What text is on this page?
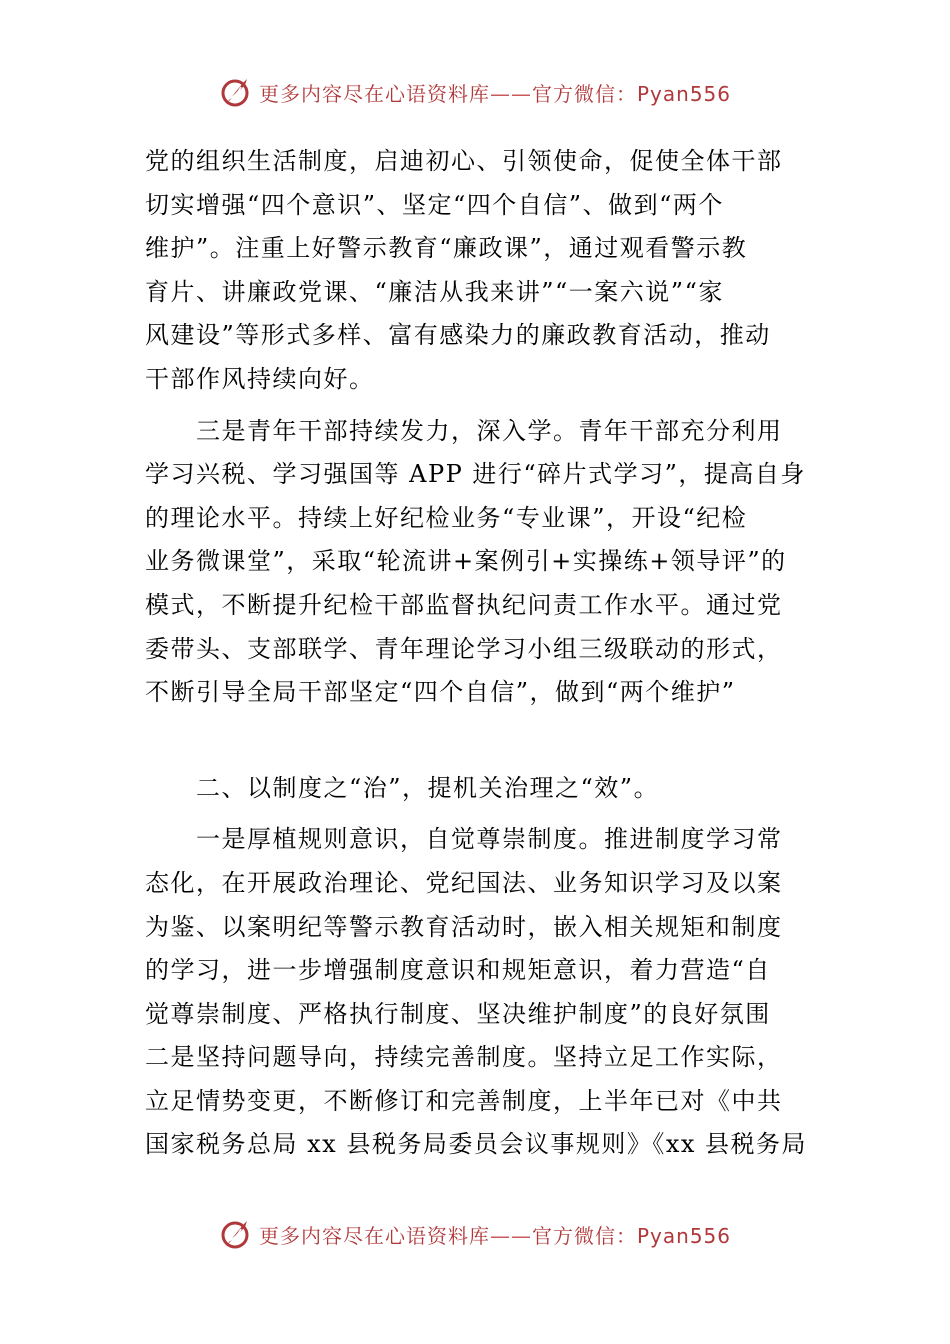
更多内容尽在心语资料库——官方微信：Pyan556

党的组织生活制度，启迪初心、引领使命，促使全体干部
切实增强“四个意识”、坚定“四个自信”、做到“两个
维护”。注重上好警示教育“廉政课”，通过观看警示教
育片、讲廉政党课、“廉洁从我来讲”“一案六说”“家
风建设”等形式多样、富有感染力的廉政教育活动，推动
干部作风持续向好。

　　三是青年干部持续发力，深入学。青年干部充分利用
学习兴税、学习强国等 APP 进行“碎片式学习”，提高自身
的理论水平。持续上好纪检业务“专业课”，开设“纪检
业务微课堂”，采取“轮流讲+案例引+实操练+领导评”的
模式，不断提升纪检干部监督执纪问责工作水平。通过党
委带头、支部联学、青年理论学习小组三级联动的形式，
不断引导全局干部坚定“四个自信”，做到“两个维护”

　　二、以制度之“治”，提机关治理之“效”。

　　一是厚植规则意识，自觉尊崇制度。推进制度学习常
态化，在开展政治理论、党纪国法、业务知识学习及以案
为鉴、以案明纪等警示教育活动时，嵌入相关规矩和制度
的学习，进一步增强制度意识和规矩意识，着力营造“自
觉尊崇制度、严格执行制度、坚决维护制度”的良好氛围
二是坚持问题导向，持续完善制度。坚持立足工作实际，
立足情势变更，不断修订和完善制度，上半年已对《中共
国家税务总局 xx 县税务局委员会议事规则》《xx 县税务局

更多内容尽在心语资料库——官方微信：Pyan556
